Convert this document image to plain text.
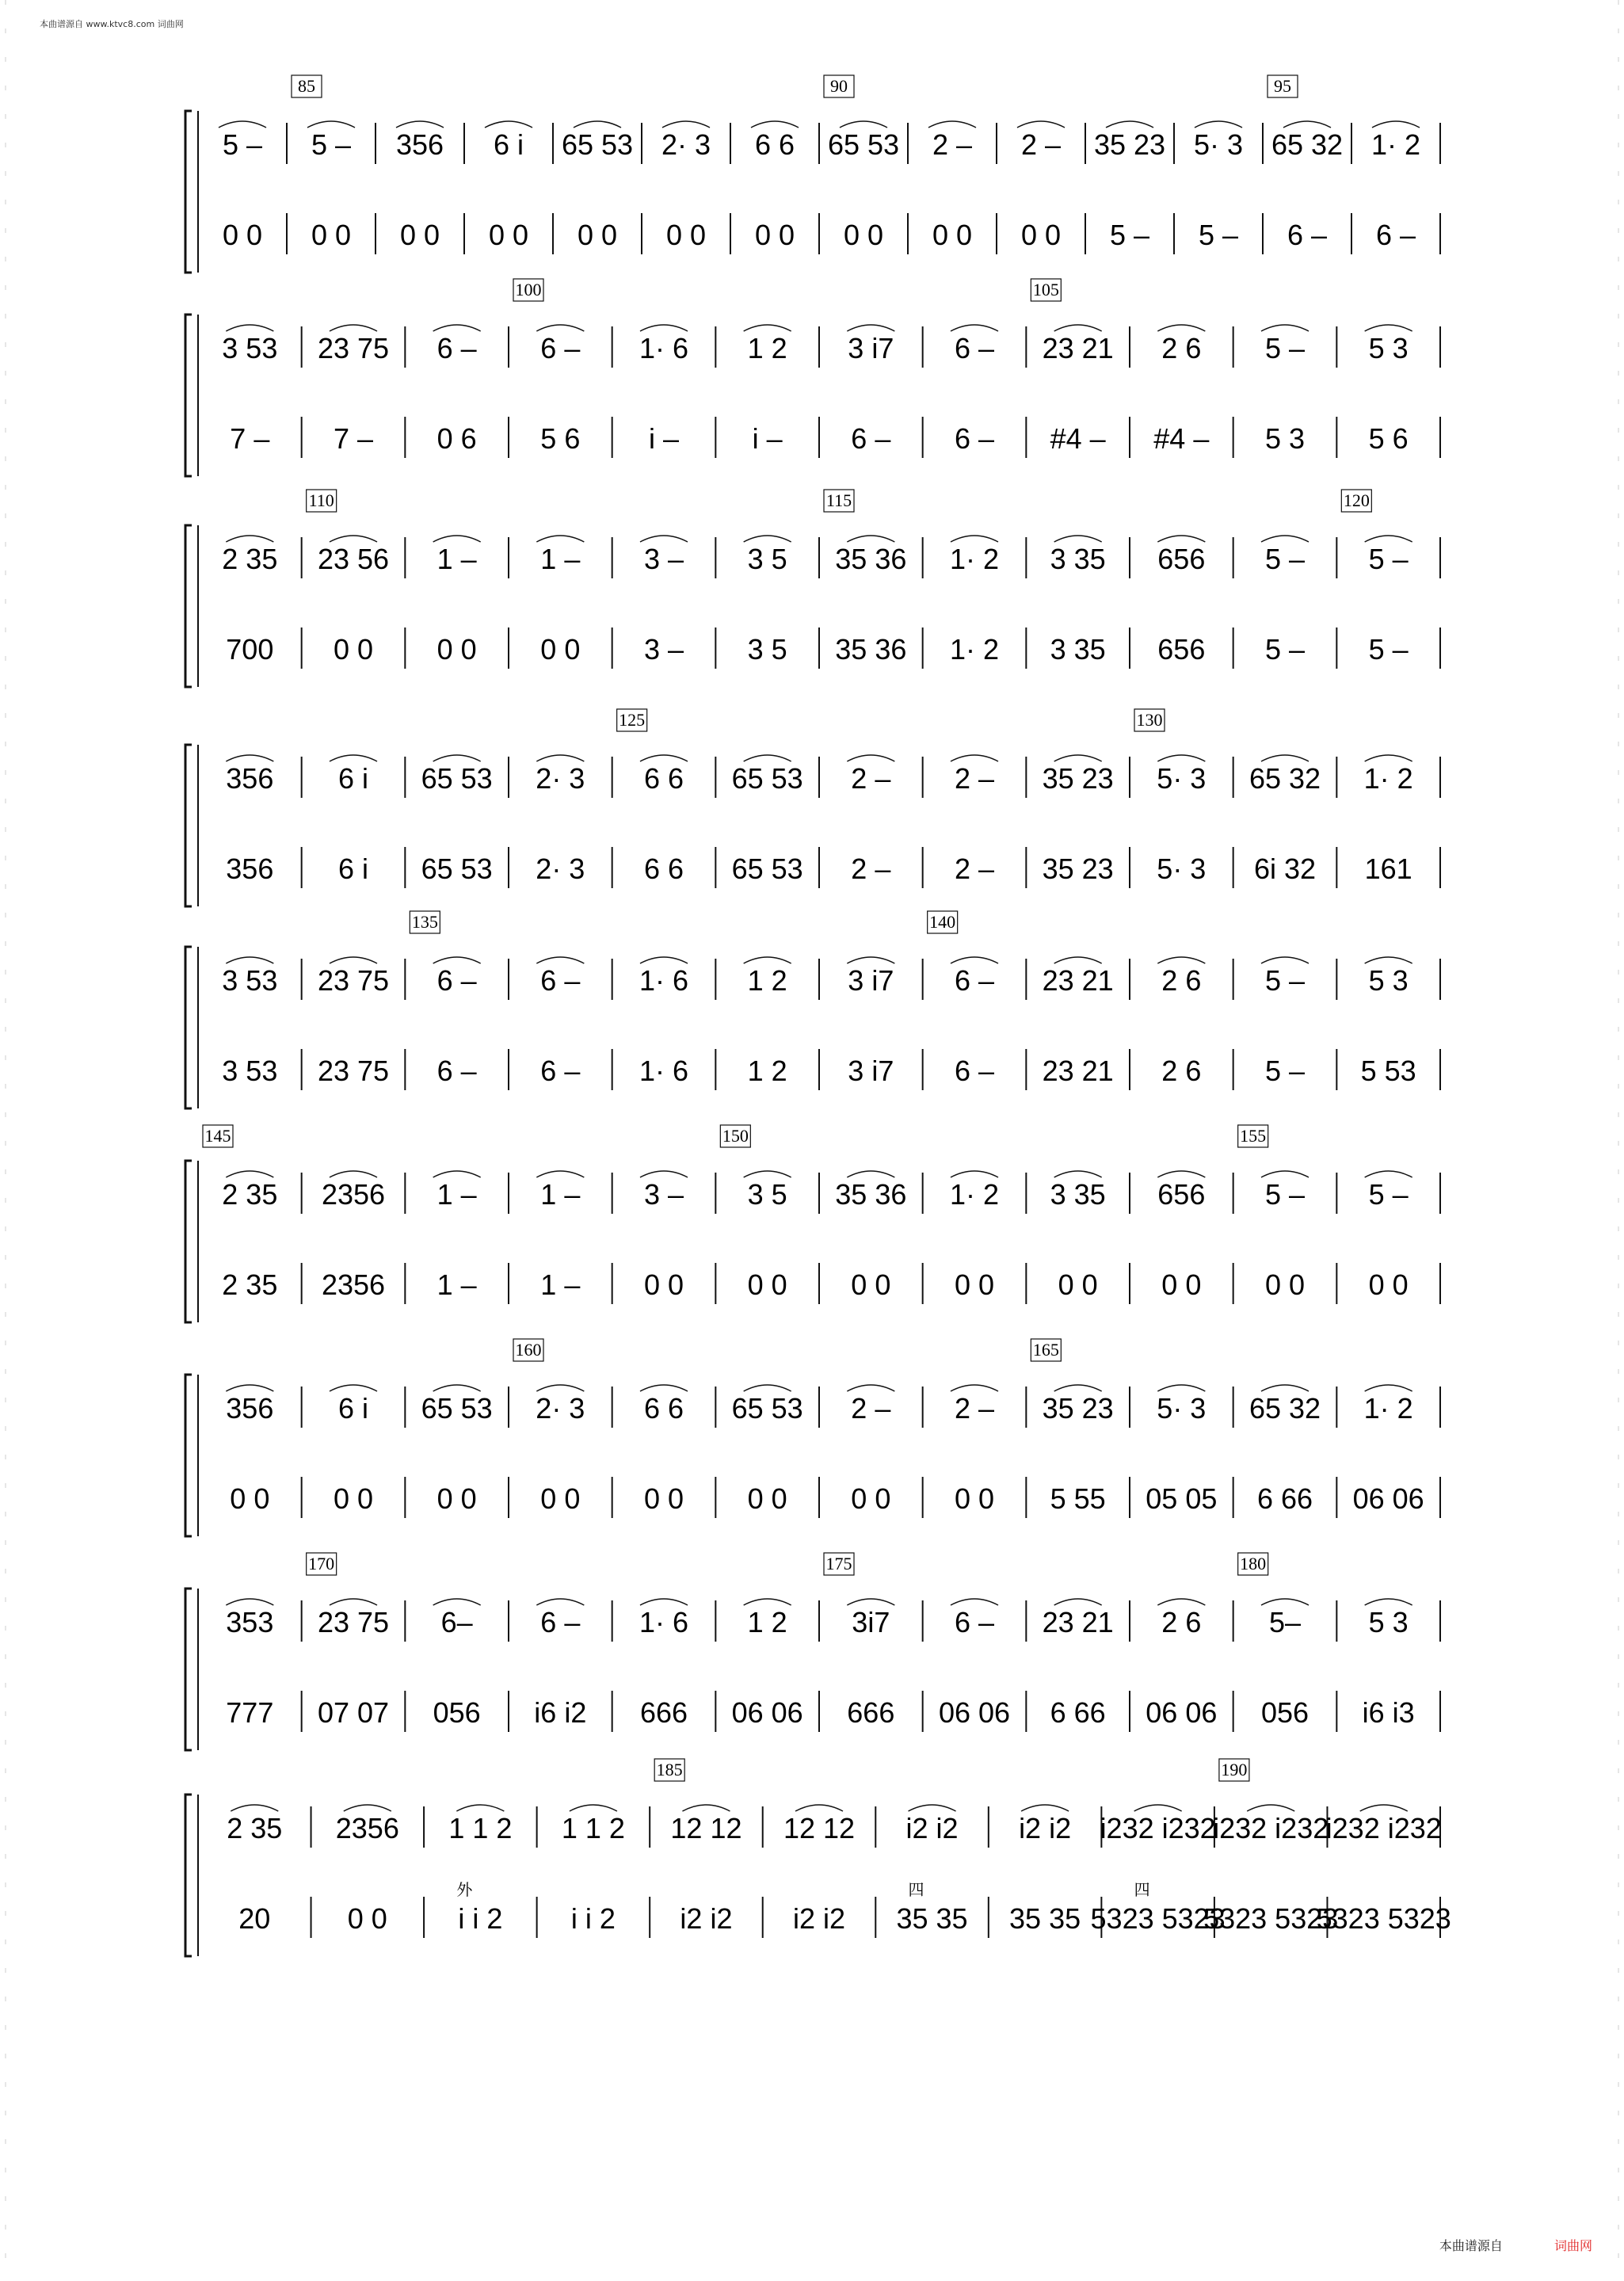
本曲谱源自 www.ktvc8.com 词曲网
5 –
0 0
5 –
0 0
85
356
0 0
6 i
0 0
65 53
0 0
2· 3
0 0
6 6
0 0
65 53
0 0
90
2 –
0 0
2 –
0 0
35 23
5 –
5· 3
5 –
65 32
6 –
95
1· 2
6 –
3 53
7 –
23 75
7 –
6 –
0 6
6 –
5 6
100
1· 6
i –
1 2
i –
3 i7
6 –
6 –
6 –
23 21
#4 –
105
2 6
#4 –
5 –
5 3
5 3
5 6
2 35
700
23 56
0 0
110
1 –
0 0
1 –
0 0
3 –
3 –
3 5
3 5
35 36
35 36
115
1· 2
1· 2
3 35
3 35
656
656
5 –
5 –
5 –
5 –
120
356
356
6 i
6 i
65 53
65 53
2· 3
2· 3
6 6
6 6
125
65 53
65 53
2 –
2 –
2 –
2 –
35 23
35 23
5· 3
5· 3
130
65 32
6i 32
1· 2
161
3 53
3 53
23 75
23 75
6 –
6 –
135
6 –
6 –
1· 6
1· 6
1 2
1 2
3 i7
3 i7
6 –
6 –
140
23 21
23 21
2 6
2 6
5 –
5 –
5 3
5 53
2 35
2 35
145
2356
2356
1 –
1 –
1 –
1 –
3 –
0 0
3 5
0 0
150
35 36
0 0
1· 2
0 0
3 35
0 0
656
0 0
5 –
0 0
155
5 –
0 0
356
0 0
6 i
0 0
65 53
0 0
2· 3
0 0
160
6 6
0 0
65 53
0 0
2 –
0 0
2 –
0 0
35 23
5 55
165
5· 3
05 05
65 32
6 66
1· 2
06 06
353
777
23 75
07 07
170
6–
056
6 –
i6 i2
1· 6
666
1 2
06 06
3i7
666
175
6 –
06 06
23 21
6 66
2 6
06 06
5–
056
180
5 3
i6 i3
2 35
20
2356
0 0
1 1 2
i i 2
外
1 1 2
i i 2
12 12
i2 i2
185
12 12
i2 i2
i2 i2
35 35
四
i2 i2
35 35
i232 i232
5323 5323
四
i232 i232
5323 5323
190
i232 i232
5323 5323
本曲谱源自	词曲网
